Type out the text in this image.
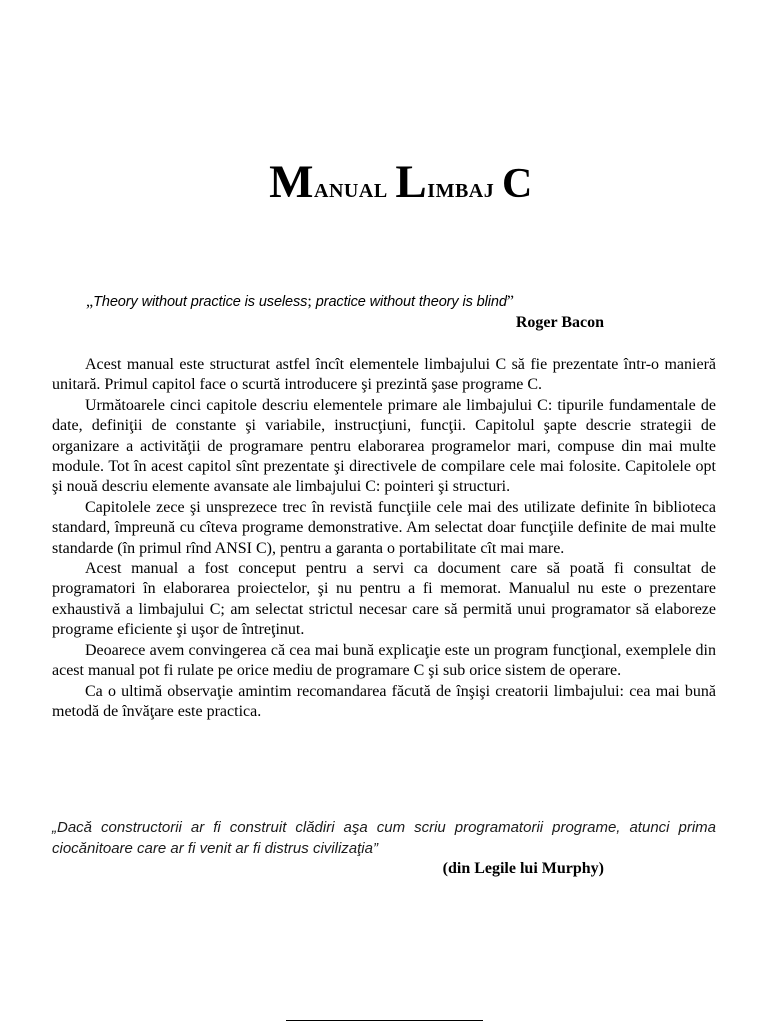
Manual Limbaj C
„Theory without practice is useless; practice without theory is blind”
Roger Bacon

Acest manual este structurat astfel încît elementele limbajului C să fie prezentate într-o manieră unitară. Primul capitol face o scurtă introducere şi prezintă şase programe C.

Următoarele cinci capitole descriu elementele primare ale limbajului C: tipurile fundamentale de date, definiţii de constante şi variabile, instrucţiuni, funcţii. Capitolul şapte descrie strategii de organizare a activităţii de programare pentru elaborarea programelor mari, compuse din mai multe module. Tot în acest capitol sînt prezentate şi directivele de compilare cele mai folosite. Capitolele opt şi nouă descriu elemente avansate ale limbajului C: pointeri şi structuri.

Capitolele zece şi unsprezece trec în revistă funcţiile cele mai des utilizate definite în biblioteca standard, împreună cu cîteva programe demonstrative. Am selectat doar funcţiile definite de mai multe standarde (în primul rînd ANSI C), pentru a garanta o portabilitate cît mai mare.

Acest manual a fost conceput pentru a servi ca document care să poată fi consultat de programatori în elaborarea proiectelor, şi nu pentru a fi memorat. Manualul nu este o prezentare exhaustivă a limbajului C; am selectat strictul necesar care să permită unui programator să elaboreze programe eficiente şi uşor de întreţinut.

Deoarece avem convingerea că cea mai bună explicaţie este un program funcţional, exemplele din acest manual pot fi rulate pe orice mediu de programare C şi sub orice sistem de operare.

Ca o ultimă observaţie amintim recomandarea făcută de înşişi creatorii limbajului: cea mai bună metodă de învăţare este practica.

„Dacă constructorii ar fi construit clădiri aşa cum scriu programatorii programe, atunci prima ciocănitoare care ar fi venit ar fi distrus civilizaţia”
(din Legile lui Murphy)
